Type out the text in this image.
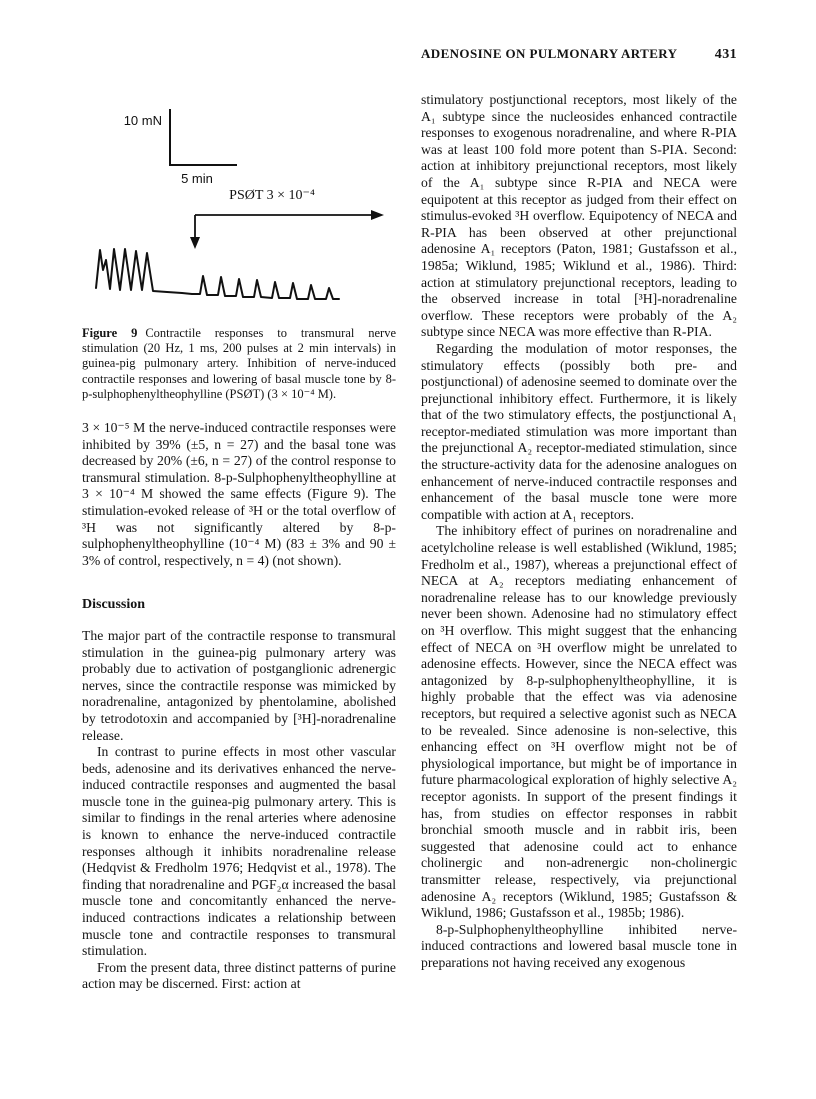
ADENOSINE ON PULMONARY ARTERY	431
10 mN
5 min
PSØT 3 × 10⁻⁴
Figure 9 Contractile responses to transmural nerve stimulation (20 Hz, 1 ms, 200 pulses at 2 min intervals) in guinea-pig pulmonary artery. Inhibition of nerve-induced contractile responses and lowering of basal muscle tone by 8-p-sulphophenyltheophylline (PSØT) (3 × 10⁻⁴ M).

3 × 10⁻⁵ M the nerve-induced contractile responses were inhibited by 39% (±5, n = 27) and the basal tone was decreased by 20% (±6, n = 27) of the control response to transmural stimulation. 8-p-Sulphophenyltheophylline at 3 × 10⁻⁴ M showed the same effects (Figure 9). The stimulation-evoked release of ³H or the total overflow of ³H was not significantly altered by 8-p-sulphophenyltheophylline (10⁻⁴ M) (83 ± 3% and 90 ± 3% of control, respectively, n = 4) (not shown).

Discussion

The major part of the contractile response to transmural stimulation in the guinea-pig pulmonary artery was probably due to activation of postganglionic adrenergic nerves, since the contractile response was mimicked by noradrenaline, antagonized by phentolamine, abolished by tetrodotoxin and accompanied by [³H]-noradrenaline release.

In contrast to purine effects in most other vascular beds, adenosine and its derivatives enhanced the nerve-induced contractile responses and augmented the basal muscle tone in the guinea-pig pulmonary artery. This is similar to findings in the renal arteries where adenosine is known to enhance the nerve-induced contractile responses although it inhibits noradrenaline release (Hedqvist & Fredholm 1976; Hedqvist et al., 1978). The finding that noradrenaline and PGF₂α increased the basal muscle tone and concomitantly enhanced the nerve-induced contractions indicates a relationship between muscle tone and contractile responses to transmural stimulation.

From the present data, three distinct patterns of purine action may be discerned. First: action at

stimulatory postjunctional receptors, most likely of the A₁ subtype since the nucleosides enhanced contractile responses to exogenous noradrenaline, and where R-PIA was at least 100 fold more potent than S-PIA. Second: action at inhibitory prejunctional receptors, most likely of the A₁ subtype since R-PIA and NECA were equipotent at this receptor as judged from their effect on stimulus-evoked ³H overflow. Equipotency of NECA and R-PIA has been observed at other prejunctional adenosine A₁ receptors (Paton, 1981; Gustafsson et al., 1985a; Wiklund, 1985; Wiklund et al., 1986). Third: action at stimulatory prejunctional receptors, leading to the observed increase in total [³H]-noradrenaline overflow. These receptors were probably of the A₂ subtype since NECA was more effective than R-PIA.

Regarding the modulation of motor responses, the stimulatory effects (possibly both pre- and postjunctional) of adenosine seemed to dominate over the prejunctional inhibitory effect. Furthermore, it is likely that of the two stimulatory effects, the postjunctional A₁ receptor-mediated stimulation was more important than the prejunctional A₂ receptor-mediated stimulation, since the structure-activity data for the adenosine analogues on enhancement of nerve-induced contractile responses and enhancement of the basal muscle tone were more compatible with action at A₁ receptors.

The inhibitory effect of purines on noradrenaline and acetylcholine release is well established (Wiklund, 1985; Fredholm et al., 1987), whereas a prejunctional effect of NECA at A₂ receptors mediating enhancement of noradrenaline release has to our knowledge previously never been shown. Adenosine had no stimulatory effect on ³H overflow. This might suggest that the enhancing effect of NECA on ³H overflow might be unrelated to adenosine effects. However, since the NECA effect was antagonized by 8-p-sulphophenyltheophylline, it is highly probable that the effect was via adenosine receptors, but required a selective agonist such as NECA to be revealed. Since adenosine is non-selective, this enhancing effect on ³H overflow might not be of physiological importance, but might be of importance in future pharmacological exploration of highly selective A₂ receptor agonists. In support of the present findings it has, from studies on effector responses in rabbit bronchial smooth muscle and in rabbit iris, been suggested that adenosine could act to enhance cholinergic and non-adrenergic non-cholinergic transmitter release, respectively, via prejunctional adenosine A₂ receptors (Wiklund, 1985; Gustafsson & Wiklund, 1986; Gustafsson et al., 1985b; 1986).

8-p-Sulphophenyltheophylline inhibited nerve-induced contractions and lowered basal muscle tone in preparations not having received any exogenous
